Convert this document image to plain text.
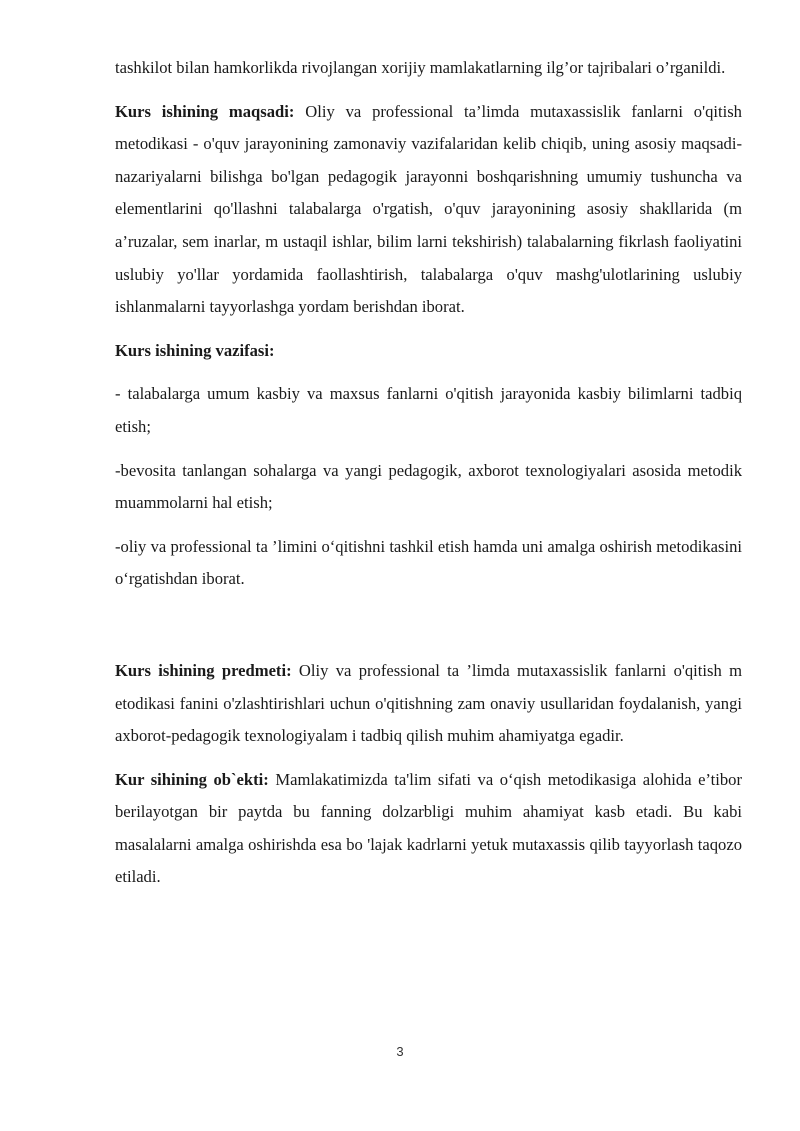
tashkilot bilan hamkorlikda rivojlangan xorijiy mamlakatlarning ilg’or tajribalari o’rganildi.

Kurs ishining maqsadi: Oliy va professional ta’limda mutaxassislik fanlarni o'qitish metodikasi - o'quv jarayonining zamonaviy vazifalaridan kelib chiqib, uning asosiy maqsadi- nazariyalarni bilishga bo'lgan pedagogik jarayonni boshqarishning umumiy tushuncha va elementlarini qo'llashni talabalarga o'rgatish, o'quv jarayonining asosiy shakllarida (m a’ruzalar, sem inarlar, m ustaqil ishlar, bilim larni tekshirish) talabalarning fikrlash faoliyatini uslubiy yo'llar yordamida faollashtirish, talabalarga o'quv mashg'ulotlarining uslubiy ishlanmalarni tayyorlashga yordam berishdan iborat.

Kurs ishining vazifasi:

- talabalarga umum kasbiy va maxsus fanlarni o'qitish jarayonida kasbiy bilimlarni tadbiq etish;

-bevosita tanlangan sohalarga va yangi pedagogik, axborot texnologiyalari asosida metodik muammolarni hal etish;

-oliy va professional ta ’limini o‘qitishni tashkil etish hamda uni amalga oshirish metodikasini o‘rgatishdan iborat.

Kurs ishining predmeti: Oliy va professional ta ’limda mutaxassislik fanlarni o'qitish m etodikasi fanini o'zlashtirishlari uchun o'qitishning zam onaviy usullaridan foydalanish, yangi axborot-pedagogik texnologiyalam i tadbiq qilish muhim ahamiyatga egadir.

Kur sihining ob`ekti: Mamlakatimizda ta'lim sifati va o‘qish metodikasiga alohida e’tibor berilayotgan bir paytda bu fanning dolzarbligi muhim ahamiyat kasb etadi. Bu kabi masalalarni amalga oshirishda esa bo 'lajak kadrlarni yetuk mutaxassis qilib tayyorlash taqozo etiladi.

3
